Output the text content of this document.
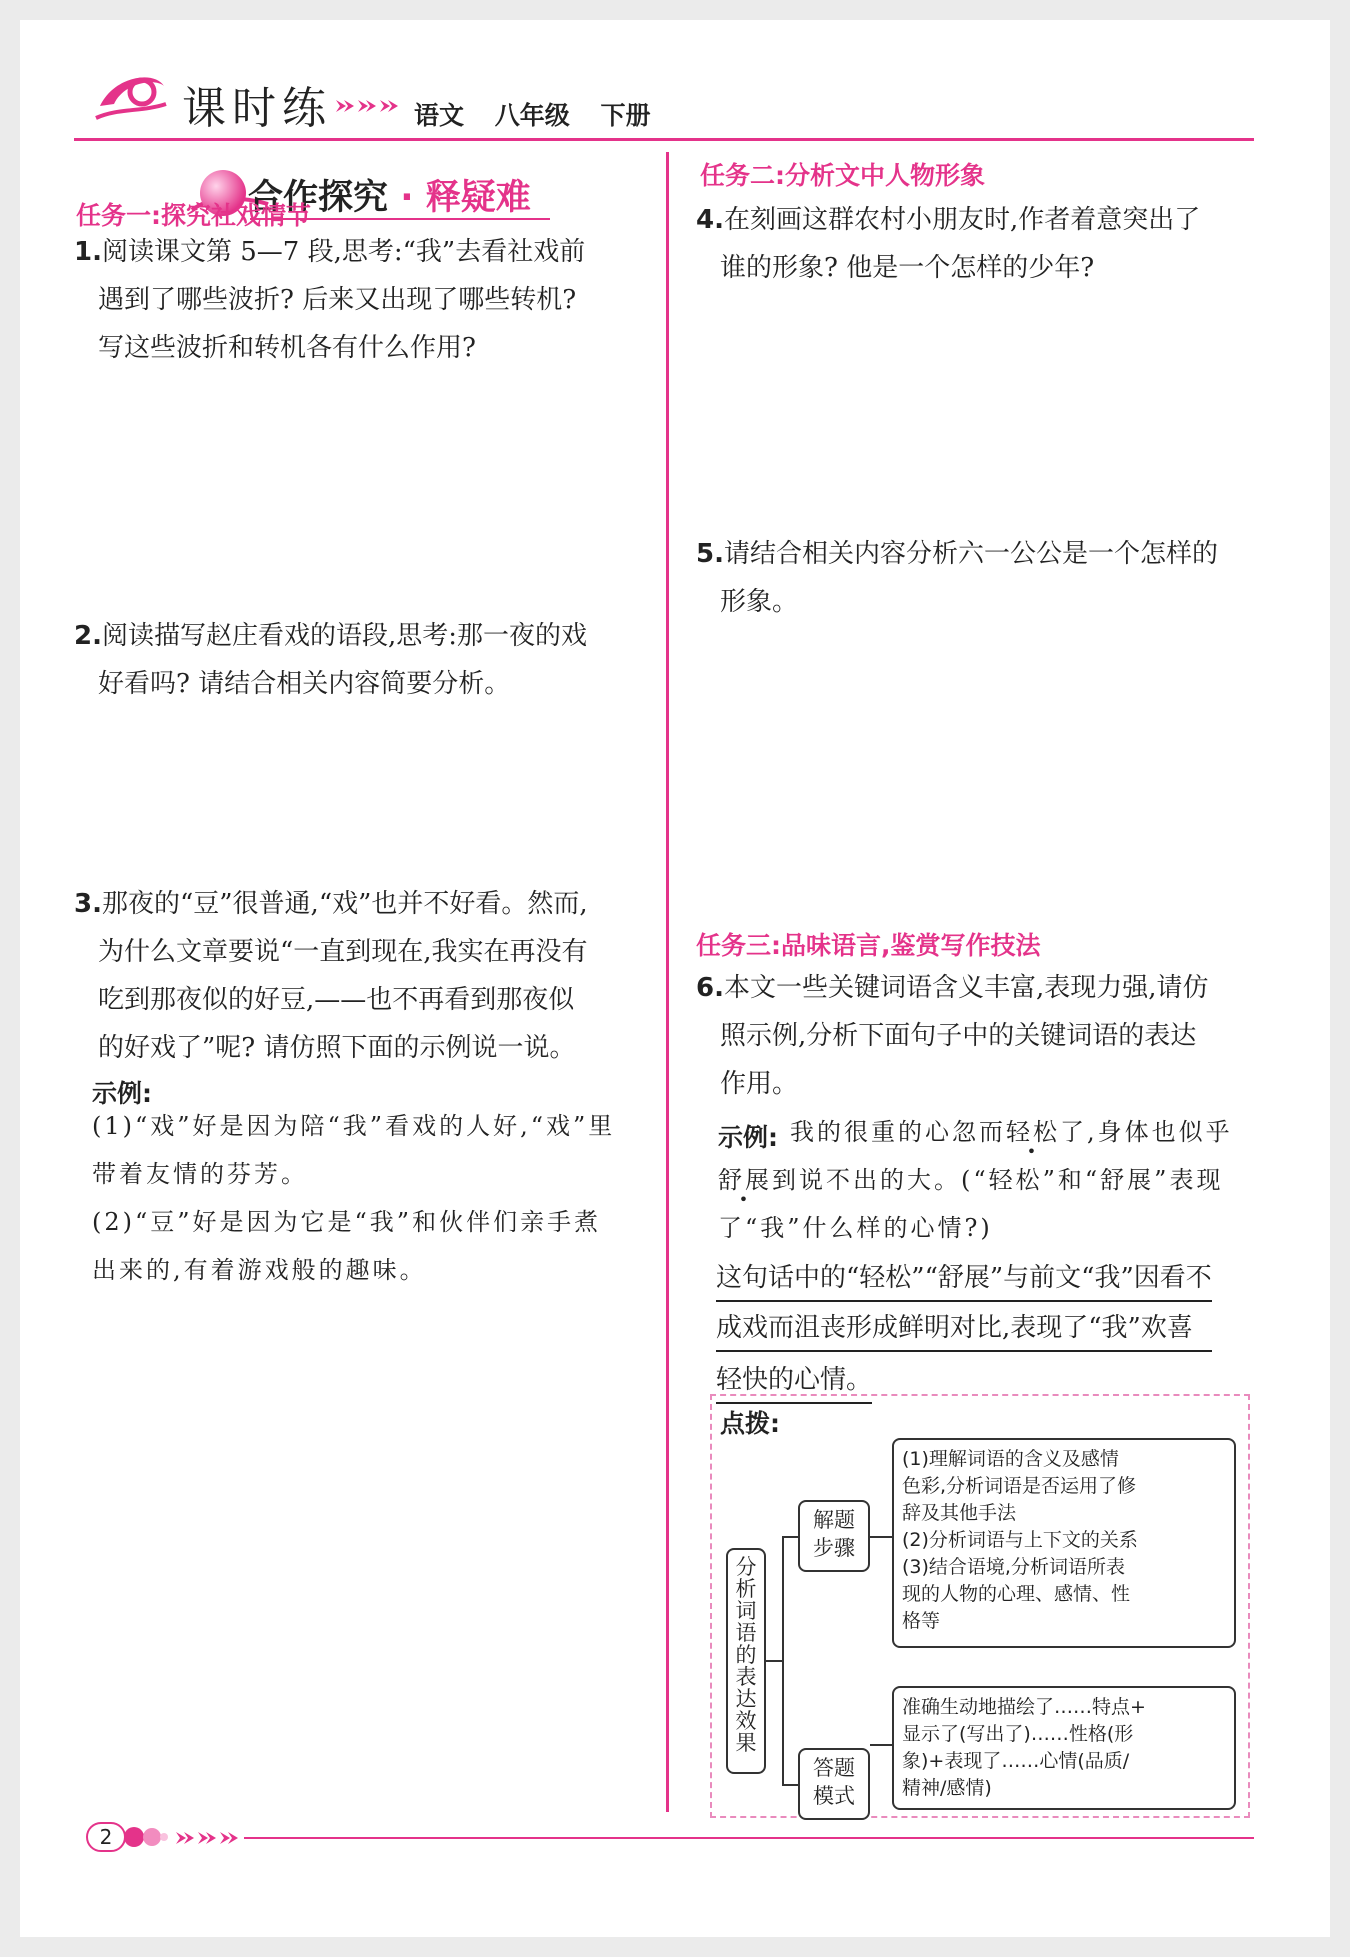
课时练	语文 八年级 下册
合作探究 · 释疑难
任务一:探究社戏情节
1.阅读课文第 5—7 段,思考:“我”去看社戏前
遇到了哪些波折? 后来又出现了哪些转机?
写这些波折和转机各有什么作用?
2.阅读描写赵庄看戏的语段,思考:那一夜的戏
好看吗? 请结合相关内容简要分析。
3.那夜的“豆”很普通,“戏”也并不好看。然而,
为什么文章要说“一直到现在,我实在再没有
吃到那夜似的好豆,——也不再看到那夜似
的好戏了”呢? 请仿照下面的示例说一说。
示例:
(1)“戏”好是因为陪“我”看戏的人好,“戏”里
带着友情的芬芳。
(2)“豆”好是因为它是“我”和伙伴们亲手煮
出来的,有着游戏般的趣味。
任务二:分析文中人物形象
4.在刻画这群农村小朋友时,作者着意突出了
谁的形象? 他是一个怎样的少年?
5.请结合相关内容分析六一公公是一个怎样的
形象。
任务三:品味语言,鉴赏写作技法
6.本文一些关键词语含义丰富,表现力强,请仿
照示例,分析下面句子中的关键词语的表达
作用。
示例: 我的很重的心忽而轻松了,身体也似乎
舒展到说不出的大。(“轻松”和“舒展”表现
了“我”什么样的心情?)
这句话中的“轻松”“舒展”与前文“我”因看不
成戏而沮丧形成鲜明对比,表现了“我”欢喜
轻快的心情。
点拨:
分
析
词
语
的
表
达
效
果
解题
步骤
(1)理解词语的含义及感情
色彩,分析词语是否运用了修
辞及其他手法
(2)分析词语与上下文的关系
(3)结合语境,分析词语所表
现的人物的心理、感情、性
格等
答题
模式
准确生动地描绘了……特点+
显示了(写出了)……性格(形
象)+表现了……心情(品质/
精神/感情)
2
